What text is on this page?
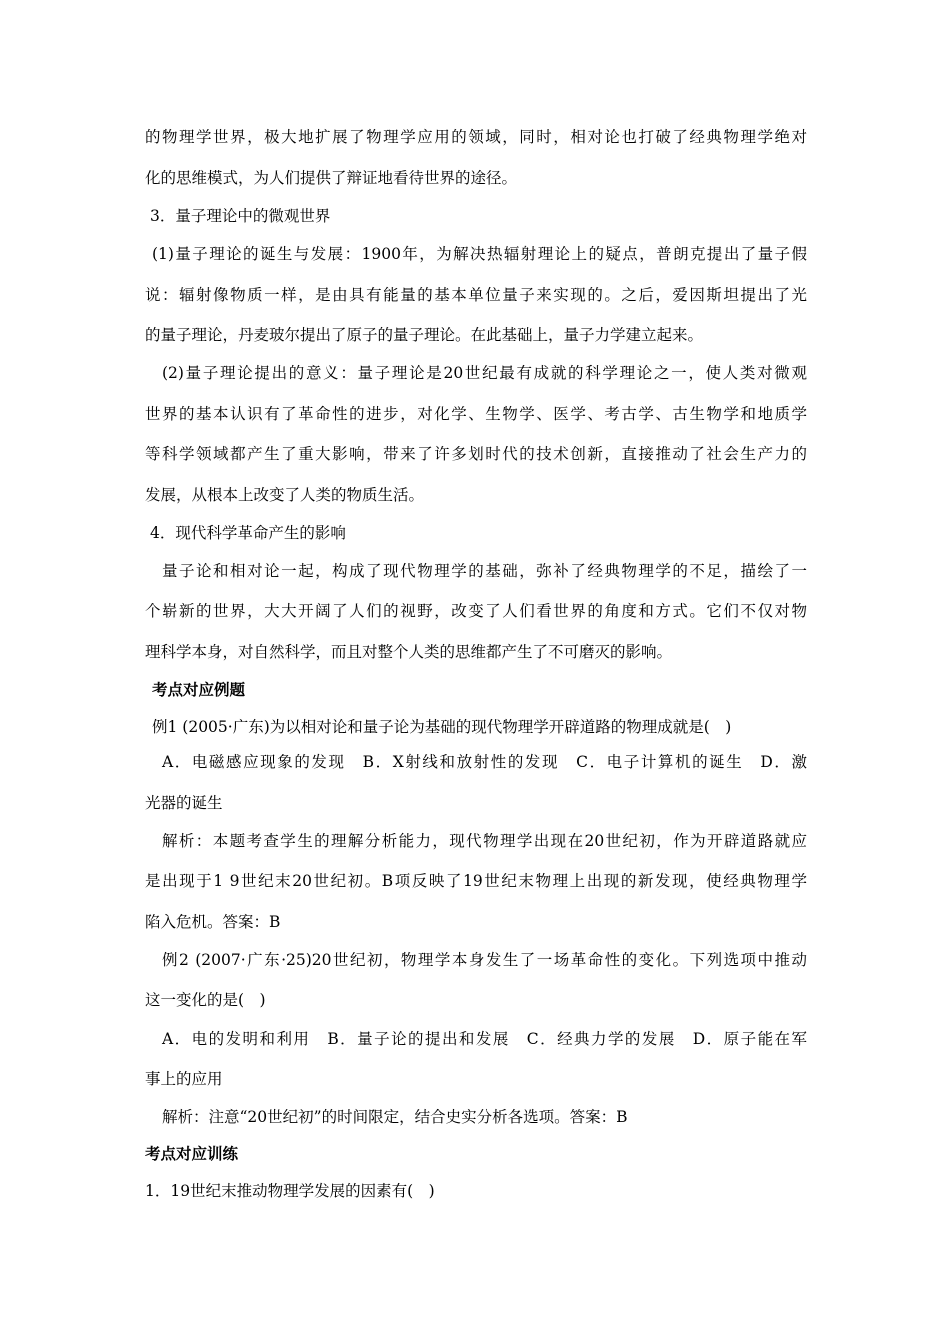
的物理学世界，极大地扩展了物理学应用的领域，同时，相对论也打破了经典物理学绝对
化的思维模式，为人们提供了辩证地看待世界的途径。
3．量子理论中的微观世界
(1)量子理论的诞生与发展：1900年，为解决热辐射理论上的疑点，普朗克提出了量子假
说：辐射像物质一样，是由具有能量的基本单位量子来实现的。之后，爱因斯坦提出了光
的量子理论，丹麦玻尔提出了原子的量子理论。在此基础上，量子力学建立起来。
(2)量子理论提出的意义：量子理论是20世纪最有成就的科学理论之一，使人类对微观
世界的基本认识有了革命性的进步，对化学、生物学、医学、考古学、古生物学和地质学
等科学领域都产生了重大影响，带来了许多划时代的技术创新，直接推动了社会生产力的
发展，从根本上改变了人类的物质生活。
4．现代科学革命产生的影响
量子论和相对论一起，构成了现代物理学的基础，弥补了经典物理学的不足，描绘了一
个崭新的世界，大大开阔了人们的视野，改变了人们看世界的角度和方式。它们不仅对物
理科学本身，对自然科学，而且对整个人类的思维都产生了不可磨灭的影响。
考点对应例题
例1 (2005·广东)为以相对论和量子论为基础的现代物理学开辟道路的物理成就是(　)
A．电磁感应现象的发现　B．X射线和放射性的发现　C．电子计算机的诞生　D．激
光器的诞生
解析：本题考查学生的理解分析能力，现代物理学出现在20世纪初，作为开辟道路就应
是出现于1 9世纪末20世纪初。B项反映了19世纪末物理上出现的新发现，使经典物理学
陷入危机。答案：B
例2 (2007·广东·25)20世纪初，物理学本身发生了一场革命性的变化。下列选项中推动
这一变化的是(　)
A．电的发明和利用　B．量子论的提出和发展　C．经典力学的发展　D．原子能在军
事上的应用
解析：注意“20世纪初”的时间限定，结合史实分析各选项。答案：B
考点对应训练
1．19世纪末推动物理学发展的因素有(　)
